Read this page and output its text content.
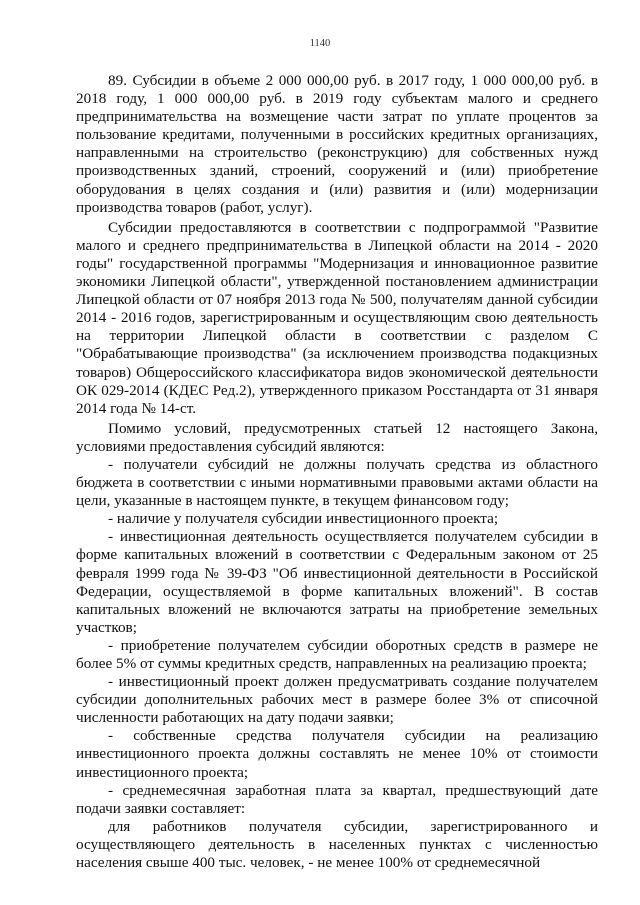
1140

89. Субсидии в объеме 2 000 000,00 руб. в 2017 году, 1 000 000,00 руб. в 2018 году, 1 000 000,00 руб. в 2019 году субъектам малого и среднего предпринимательства на возмещение части затрат по уплате процентов за пользование кредитами, полученными в российских кредитных организациях, направленными на строительство (реконструкцию) для собственных нужд производственных зданий, строений, сооружений и (или) приобретение оборудования в целях создания и (или) развития и (или) модернизации производства товаров (работ, услуг).

Субсидии предоставляются в соответствии с подпрограммой "Развитие малого и среднего предпринимательства в Липецкой области на 2014 - 2020 годы" государственной программы "Модернизация и инновационное развитие экономики Липецкой области", утвержденной постановлением администрации Липецкой области от 07 ноября 2013 года № 500, получателям данной субсидии 2014 - 2016 годов, зарегистрированным и осуществляющим свою деятельность на территории Липецкой области в соответствии с разделом С "Обрабатывающие производства" (за исключением производства подакцизных товаров) Общероссийского классификатора видов экономической деятельности ОК 029-2014 (КДЕС Ред.2), утвержденного приказом Росстандарта от 31 января 2014 года № 14-ст.

Помимо условий, предусмотренных статьей 12 настоящего Закона, условиями предоставления субсидий являются:

- получатели субсидий не должны получать средства из областного бюджета в соответствии с иными нормативными правовыми актами области на цели, указанные в настоящем пункте, в текущем финансовом году;

- наличие у получателя субсидии инвестиционного проекта;

- инвестиционная деятельность осуществляется получателем субсидии в форме капитальных вложений в соответствии с Федеральным законом от 25 февраля 1999 года № 39-ФЗ "Об инвестиционной деятельности в Российской Федерации, осуществляемой в форме капитальных вложений". В состав капитальных вложений не включаются затраты на приобретение земельных участков;

- приобретение получателем субсидии оборотных средств в размере не более 5% от суммы кредитных средств, направленных на реализацию проекта;

- инвестиционный проект должен предусматривать создание получателем субсидии дополнительных рабочих мест в размере более 3% от списочной численности работающих на дату подачи заявки;

- собственные средства получателя субсидии на реализацию инвестиционного проекта должны составлять не менее 10% от стоимости инвестиционного проекта;

- среднемесячная заработная плата за квартал, предшествующий дате подачи заявки составляет:

для работников получателя субсидии, зарегистрированного и осуществляющего деятельность в населенных пунктах с численностью населения свыше 400 тыс. человек, - не менее 100% от среднемесячной
